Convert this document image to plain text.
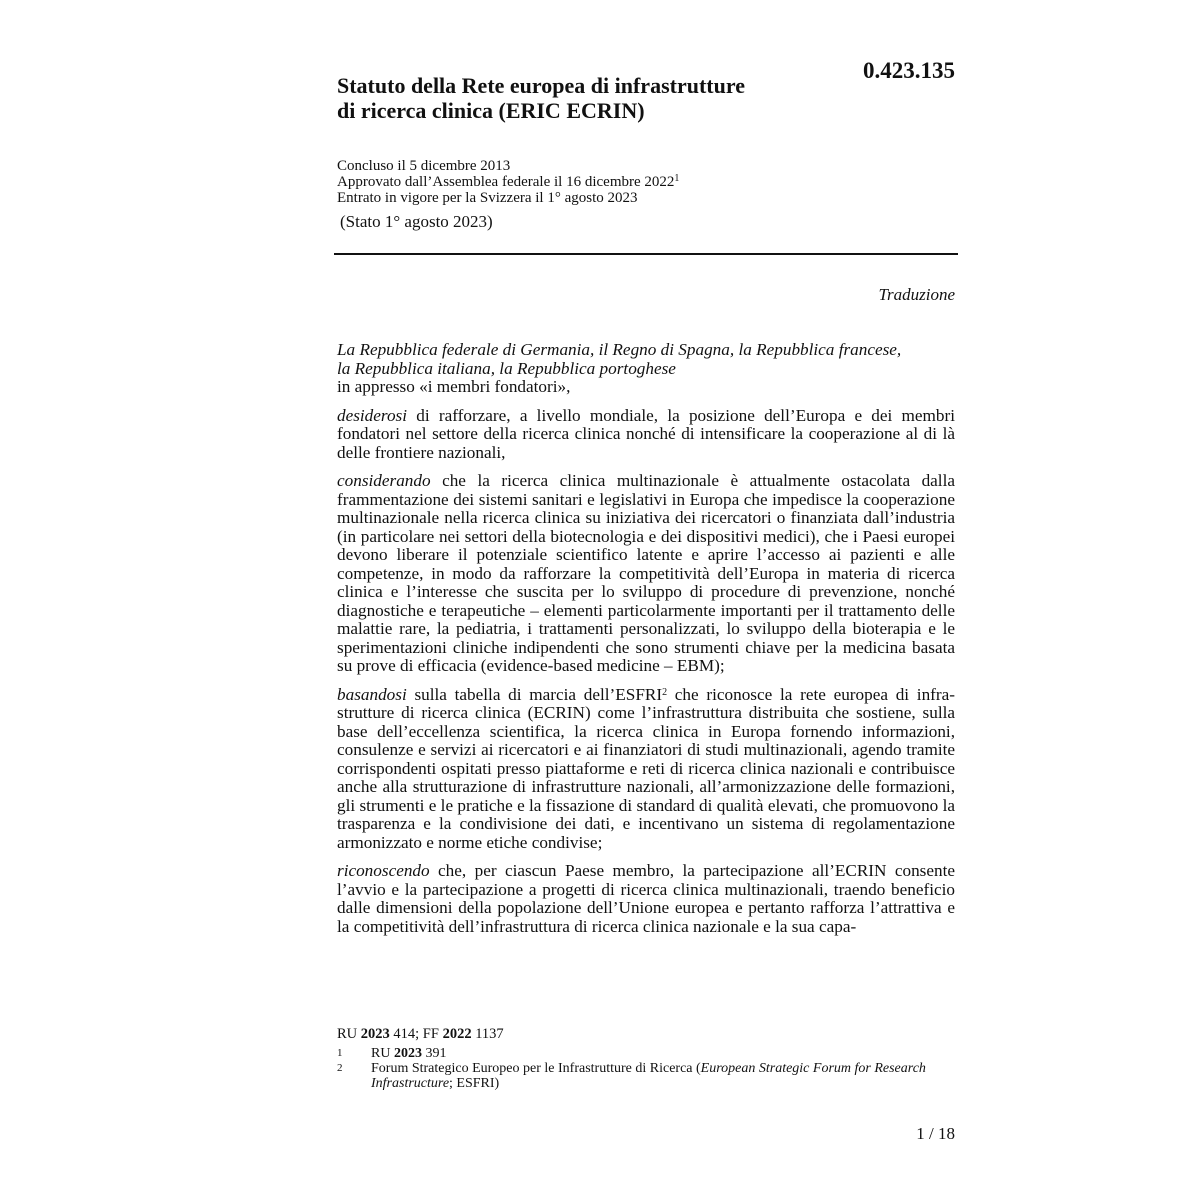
0.423.135
Statuto della Rete europea di infrastrutture
di ricerca clinica (ERIC ECRIN)
Concluso il 5 dicembre 2013
Approvato dall’Assemblea federale il 16 dicembre 2022$^1$
Entrato in vigore per la Svizzera il 1° agosto 2023
(Stato 1° agosto 2023)
Traduzione
La Repubblica federale di Germania, il Regno di Spagna, la Repubblica francese,
la Repubblica italiana, la Repubblica portoghese
in appresso «i membri fondatori»,

desiderosi di rafforzare, a livello mondiale, la posizione dell’Europa e dei membri fondatori nel settore della ricerca clinica nonché di intensificare la cooperazione al di là delle frontiere nazionali,

considerando che la ricerca clinica multinazionale è attualmente ostacolata dalla frammentazione dei sistemi sanitari e legislativi in Europa che impedisce la cooperazione multinazionale nella ricerca clinica su iniziativa dei ricercatori o finanziata dall’industria (in particolare nei settori della biotecnologia e dei dispositivi medici), che i Paesi europei devono liberare il potenziale scientifico latente e aprire l’accesso ai pazienti e alle competenze, in modo da rafforzare la competitività dell’Europa in materia di ricerca clinica e l’interesse che suscita per lo sviluppo di procedure di prevenzione, nonché diagnostiche e terapeutiche – elementi particolarmente importanti per il trattamento delle malattie rare, la pediatria, i trattamenti personalizzati, lo sviluppo della bioterapia e le sperimentazioni cliniche indipendenti che sono strumenti chiave per la medicina basata su prove di efficacia (evidence-based medicine – EBM);

basandosi sulla tabella di marcia dell’ESFRI$^2$ che riconosce la rete europea di infrastrutture di ricerca clinica (ECRIN) come l’infrastruttura distribuita che sostiene, sulla base dell’eccellenza scientifica, la ricerca clinica in Europa fornendo informazioni, consulenze e servizi ai ricercatori e ai finanziatori di studi multinazionali, agendo tramite corrispondenti ospitati presso piattaforme e reti di ricerca clinica nazionali e contribuisce anche alla strutturazione di infrastrutture nazionali, all’armonizzazione delle formazioni, gli strumenti e le pratiche e la fissazione di standard di qualità elevati, che promuovono la trasparenza e la condivisione dei dati, e incentivano un sistema di regolamentazione armonizzato e norme etiche condivise;

riconoscendo che, per ciascun Paese membro, la partecipazione all’ECRIN consente l’avvio e la partecipazione a progetti di ricerca clinica multinazionali, traendo beneficio dalle dimensioni della popolazione dell’Unione europea e pertanto rafforza l’attrattiva e la competitività dell’infrastruttura di ricerca clinica nazionale e la sua capa-

RU 2023 414; FF 2022 1137
1	RU 2023 391
2	Forum Strategico Europeo per le Infrastrutture di Ricerca (European Strategic Forum for Research Infrastructure; ESFRI)
1 / 18
